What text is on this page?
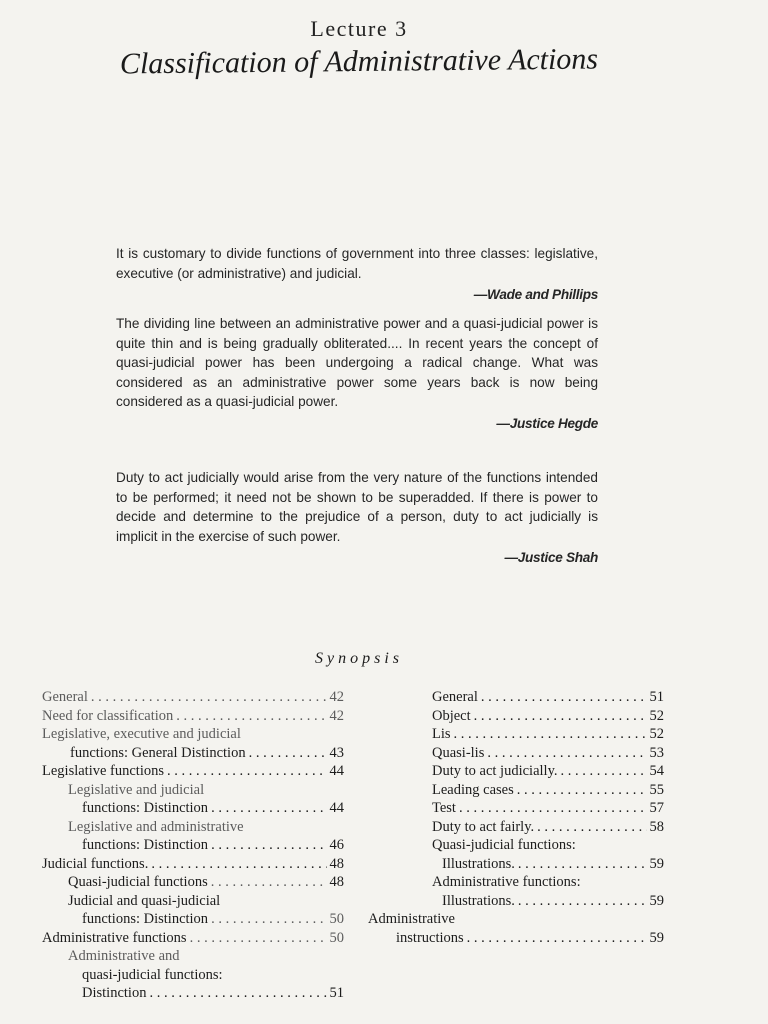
Lecture 3
Classification of Administrative Actions

It is customary to divide functions of government into three classes: legislative, executive (or administrative) and judicial.

—Wade and Phillips

The dividing line between an administrative power and a quasi-judicial power is quite thin and is being gradually obliterated.... In recent years the concept of quasi-judicial power has been undergoing a radical change. What was considered as an administrative power some years back is now being considered as a quasi-judicial power.

—Justice Hegde

Duty to act judicially would arise from the very nature of the functions intended to be performed; it need not be shown to be superadded. If there is power to decide and determine to the prejudice of a person, duty to act judicially is implicit in the exercise of such power.

—Justice Shah
Synopsis
General . . .	42
Need for classification . . .	42
Legislative, executive and judicial
functions: General Distinction . . .	43
Legislative functions . . .	44
Legislative and judicial
functions: Distinction . . .	44
Legislative and administrative
functions: Distinction . . .	46
Judicial functions. . . .	48
Quasi-judicial functions . . .	48
Judicial and quasi-judicial
functions: Distinction . . .	50
Administrative functions . . .	50
Administrative and
quasi-judicial functions:
Distinction . . .	51
General . . .	51
Object . . .	52
Lis . . .	52
Quasi-lis . . .	53
Duty to act judicially. . . .	54
Leading cases . . .	55
Test . . .	57
Duty to act fairly. . . .	58
Quasi-judicial functions:
Illustrations. . . .	59
Administrative functions:
Illustrations. . . .	59
Administrative
instructions . . .	59
